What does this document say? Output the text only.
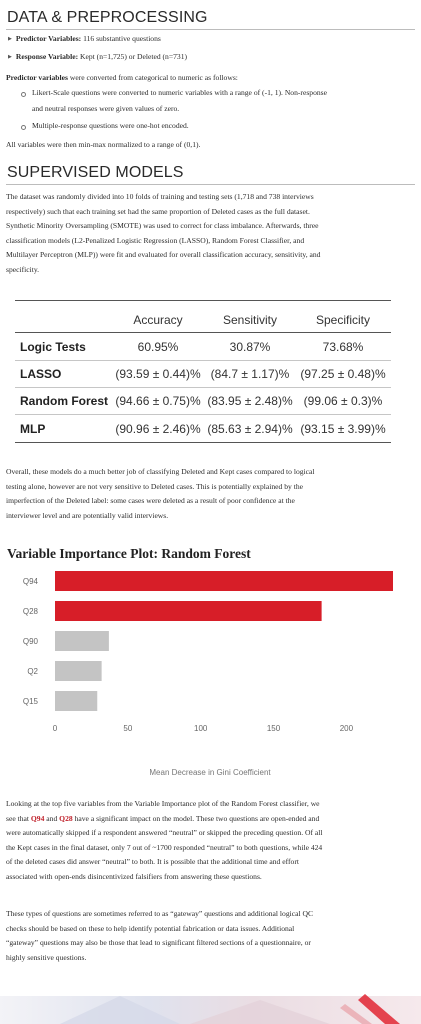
DATA & PREPROCESSING
▶ Predictor Variables: 116 substantive questions
▶ Response Variable: Kept (n=1,725) or Deleted (n=731)
Predictor variables were converted from categorical to numeric as follows:
Likert-Scale questions were converted to numeric variables with a range of (-1, 1). Non-response
and neutral responses were given values of zero.
Multiple-response questions were one-hot encoded.
All variables were then min-max normalized to a range of (0,1).
SUPERVISED MODELS
The dataset was randomly divided into 10 folds of training and testing sets (1,718 and 738 interviews
respectively) such that each training set had the same proportion of Deleted cases as the full dataset.
Synthetic Minority Oversampling (SMOTE) was used to correct for class imbalance. Afterwards, three
classification models (L2-Penalized Logistic Regression (LASSO), Random Forest Classifier, and
Multilayer Perceptron (MLP)) were fit and evaluated for overall classification accuracy, sensitivity, and
specificity.
Accuracy	Sensitivity	Specificity
Logic Tests	60.95%	30.87%	73.68%
LASSO	(93.59 ± 0.44)% (84.7 ± 1.17)% (97.25 ± 0.48)%
Random Forest (94.66 ± 0.75)% (83.95 ± 2.48)% (99.06 ± 0.3)%
MLP	(90.96 ± 2.46)% (85.63 ± 2.94)% (93.15 ± 3.99)%
Overall, these models do a much better job of classifying Deleted and Kept cases compared to logical
testing alone, however are not very sensitive to Deleted cases. This is potentially explained by the
imperfection of the Deleted label: some cases were deleted as a result of poor confidence at the
interviewer level and are potentially valid interviews.
Variable Importance Plot: Random Forest
Q94
Q28
Q90
Q2
Q15
0	50	100	150	200
Mean Decrease in Gini Coefficient
Looking at the top five variables from the Variable Importance plot of the Random Forest classifier, we
see that Q94 and Q28 have a significant impact on the model. These two questions are open-ended and
were automatically skipped if a respondent answered “neutral” or skipped the preceding question. Of all
the Kept cases in the final dataset, only 7 out of ~1700 responded “neutral” to both questions, while 424
of the deleted cases did answer “neutral” to both. It is possible that the additional time and effort
associated with open-ends disincentivized falsifiers from answering these questions.
These types of questions are sometimes referred to as “gateway” questions and additional logical QC
checks should be based on these to help identify potential fabrication or data issues. Additional
“gateway” questions may also be those that lead to significant filtered sections of a questionnaire, or
highly sensitive questions.
